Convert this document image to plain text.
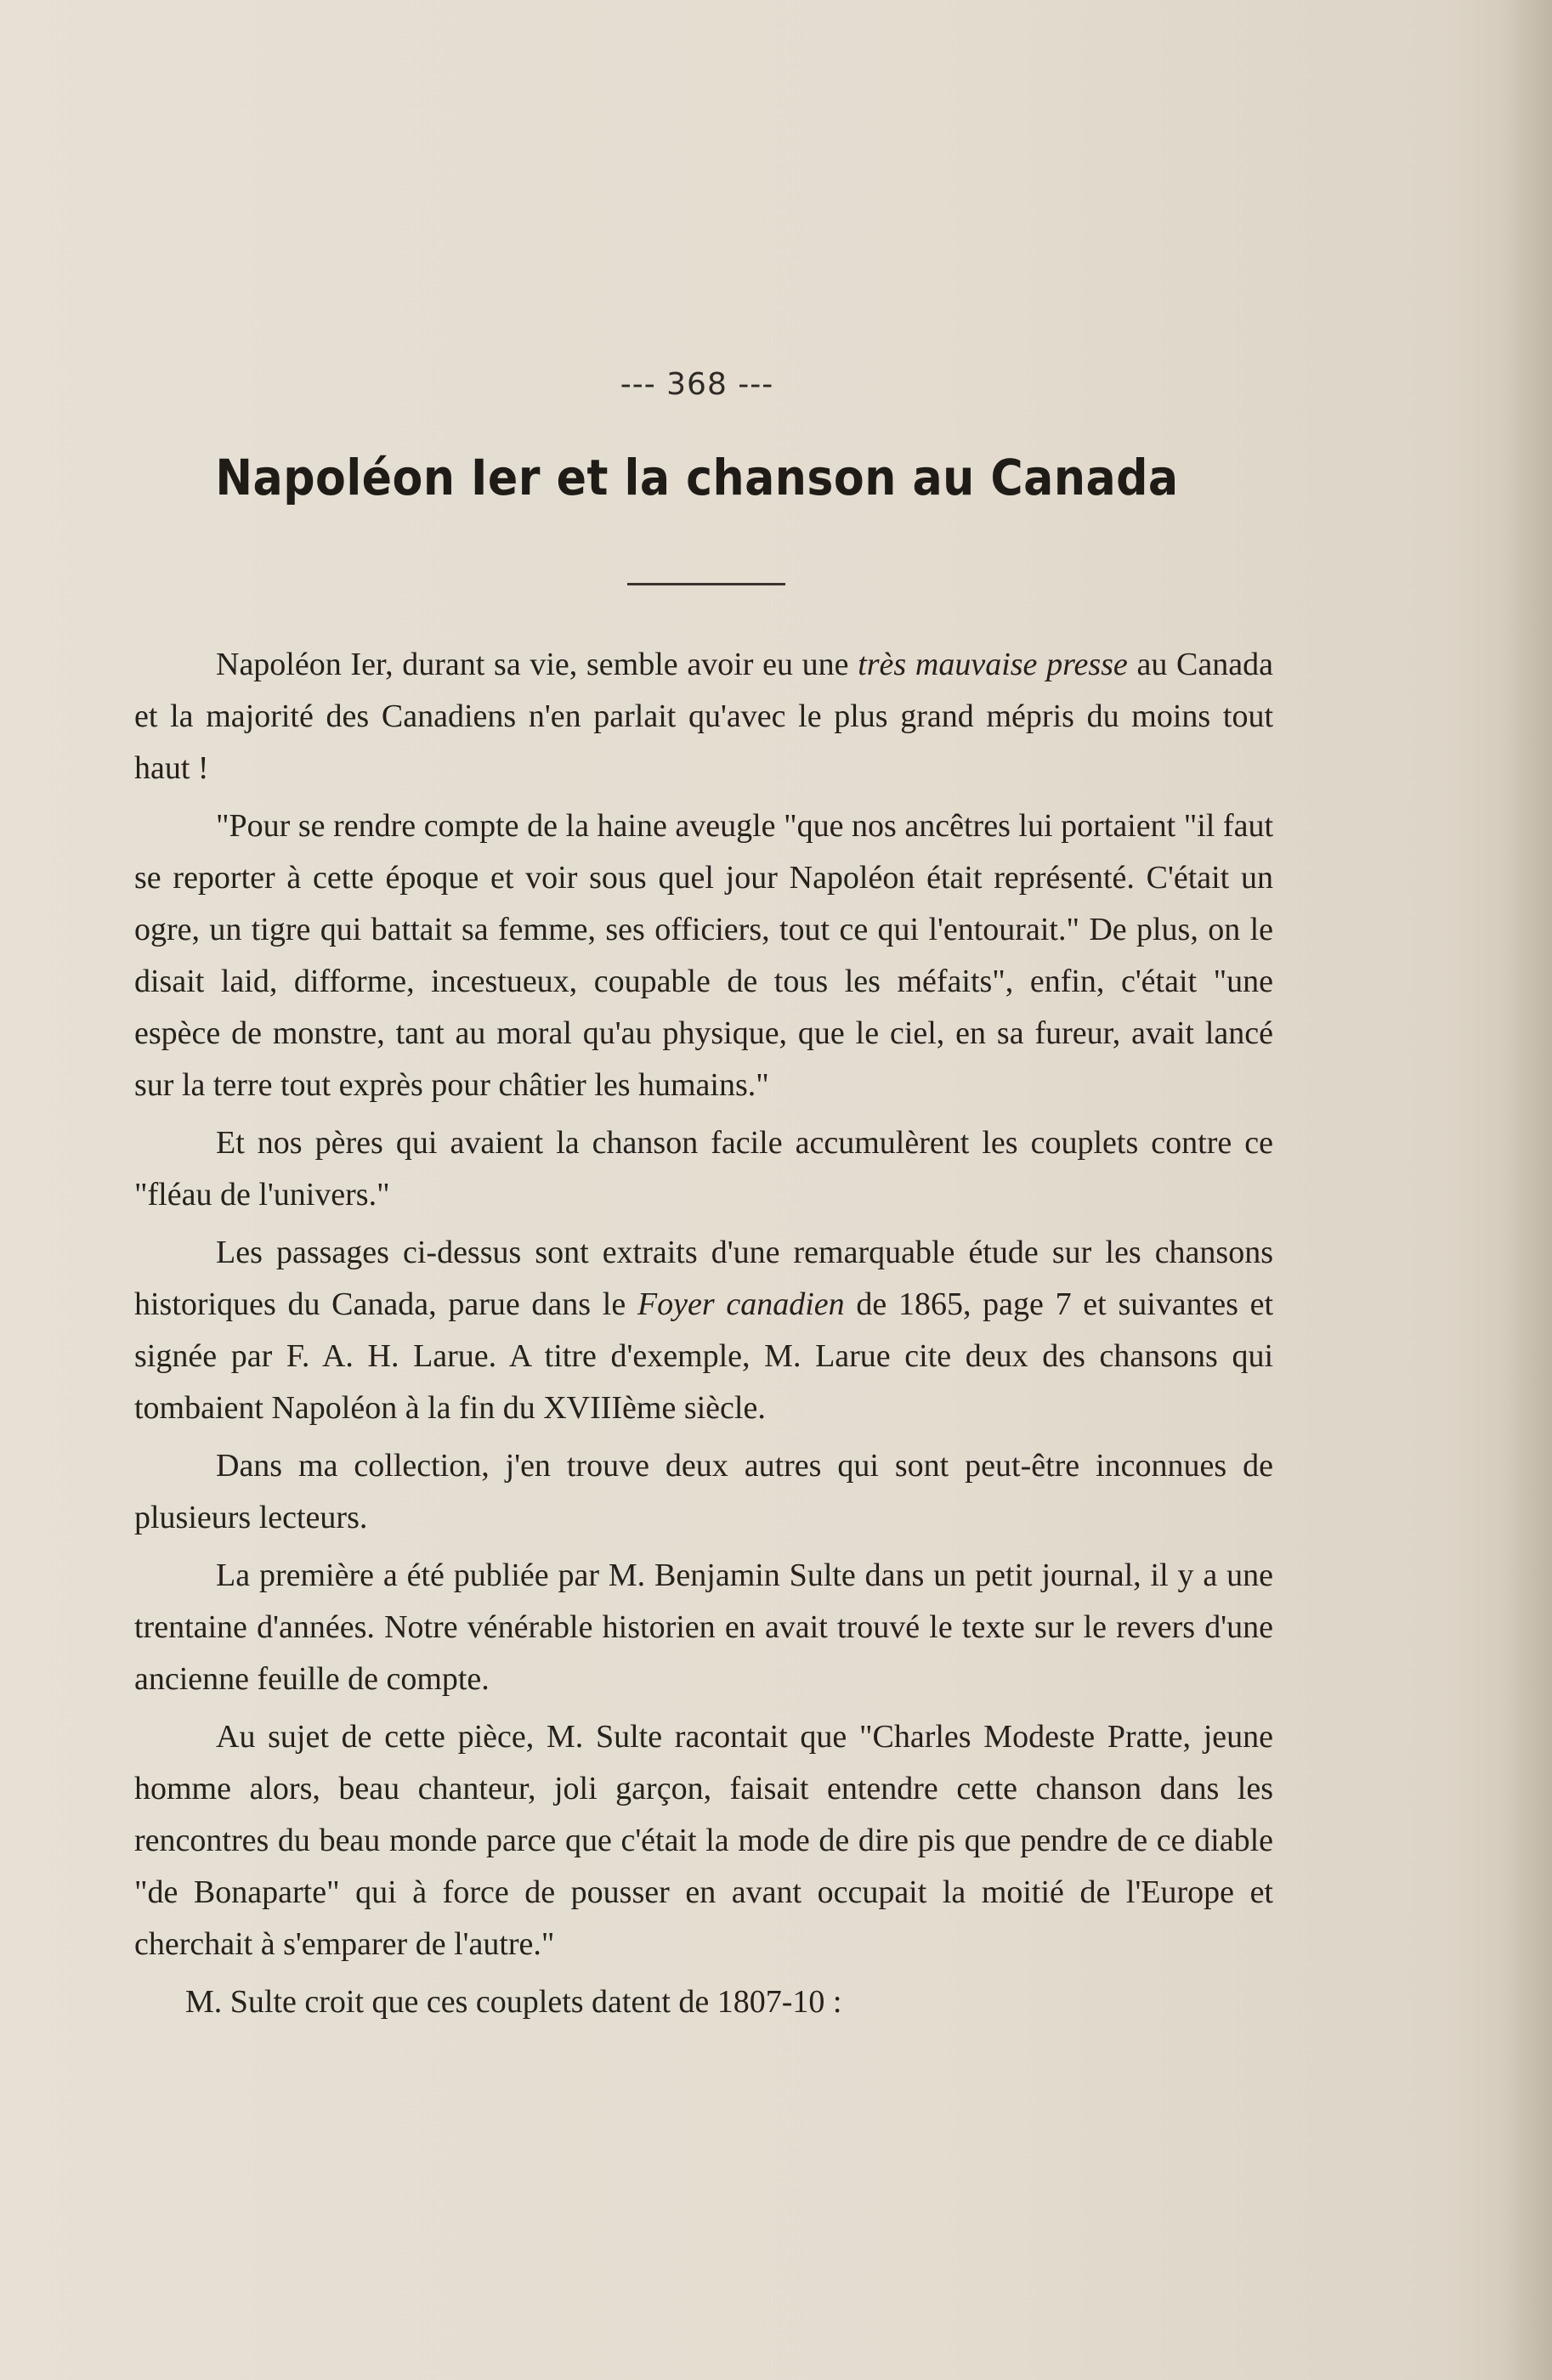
--- 368 ---
Napoléon Ier et la chanson au Canada

Napoléon Ier, durant sa vie, semble avoir eu une très mauvaise presse au Canada et la majorité des Canadiens n'en parlait qu'avec le plus grand mépris du moins tout haut !

"Pour se rendre compte de la haine aveugle "que nos ancêtres lui portaient "il faut se reporter à cette époque et voir sous quel jour Napoléon était représenté. C'était un ogre, un tigre qui battait sa femme, ses officiers, tout ce qui l'entourait." De plus, on le disait laid, difforme, incestueux, coupable de tous les méfaits", enfin, c'était "une espèce de monstre, tant au moral qu'au physique, que le ciel, en sa fureur, avait lancé sur la terre tout exprès pour châtier les humains."

Et nos pères qui avaient la chanson facile accumulèrent les couplets contre ce "fléau de l'univers."

Les passages ci-dessus sont extraits d'une remarquable étude sur les chansons historiques du Canada, parue dans le Foyer canadien de 1865, page 7 et suivantes et signée par F. A. H. Larue. A titre d'exemple, M. Larue cite deux des chansons qui tombaient Napoléon à la fin du XVIIIème siècle.

Dans ma collection, j'en trouve deux autres qui sont peut-être inconnues de plusieurs lecteurs.

La première a été publiée par M. Benjamin Sulte dans un petit journal, il y a une trentaine d'années. Notre vénérable historien en avait trouvé le texte sur le revers d'une ancienne feuille de compte.

Au sujet de cette pièce, M. Sulte racontait que "Charles Modeste Pratte, jeune homme alors, beau chanteur, joli garçon, faisait entendre cette chanson dans les rencontres du beau monde parce que c'était la mode de dire pis que pendre de ce diable "de Bonaparte" qui à force de pousser en avant occupait la moitié de l'Europe et cherchait à s'emparer de l'autre."

M. Sulte croit que ces couplets datent de 1807-10 :
